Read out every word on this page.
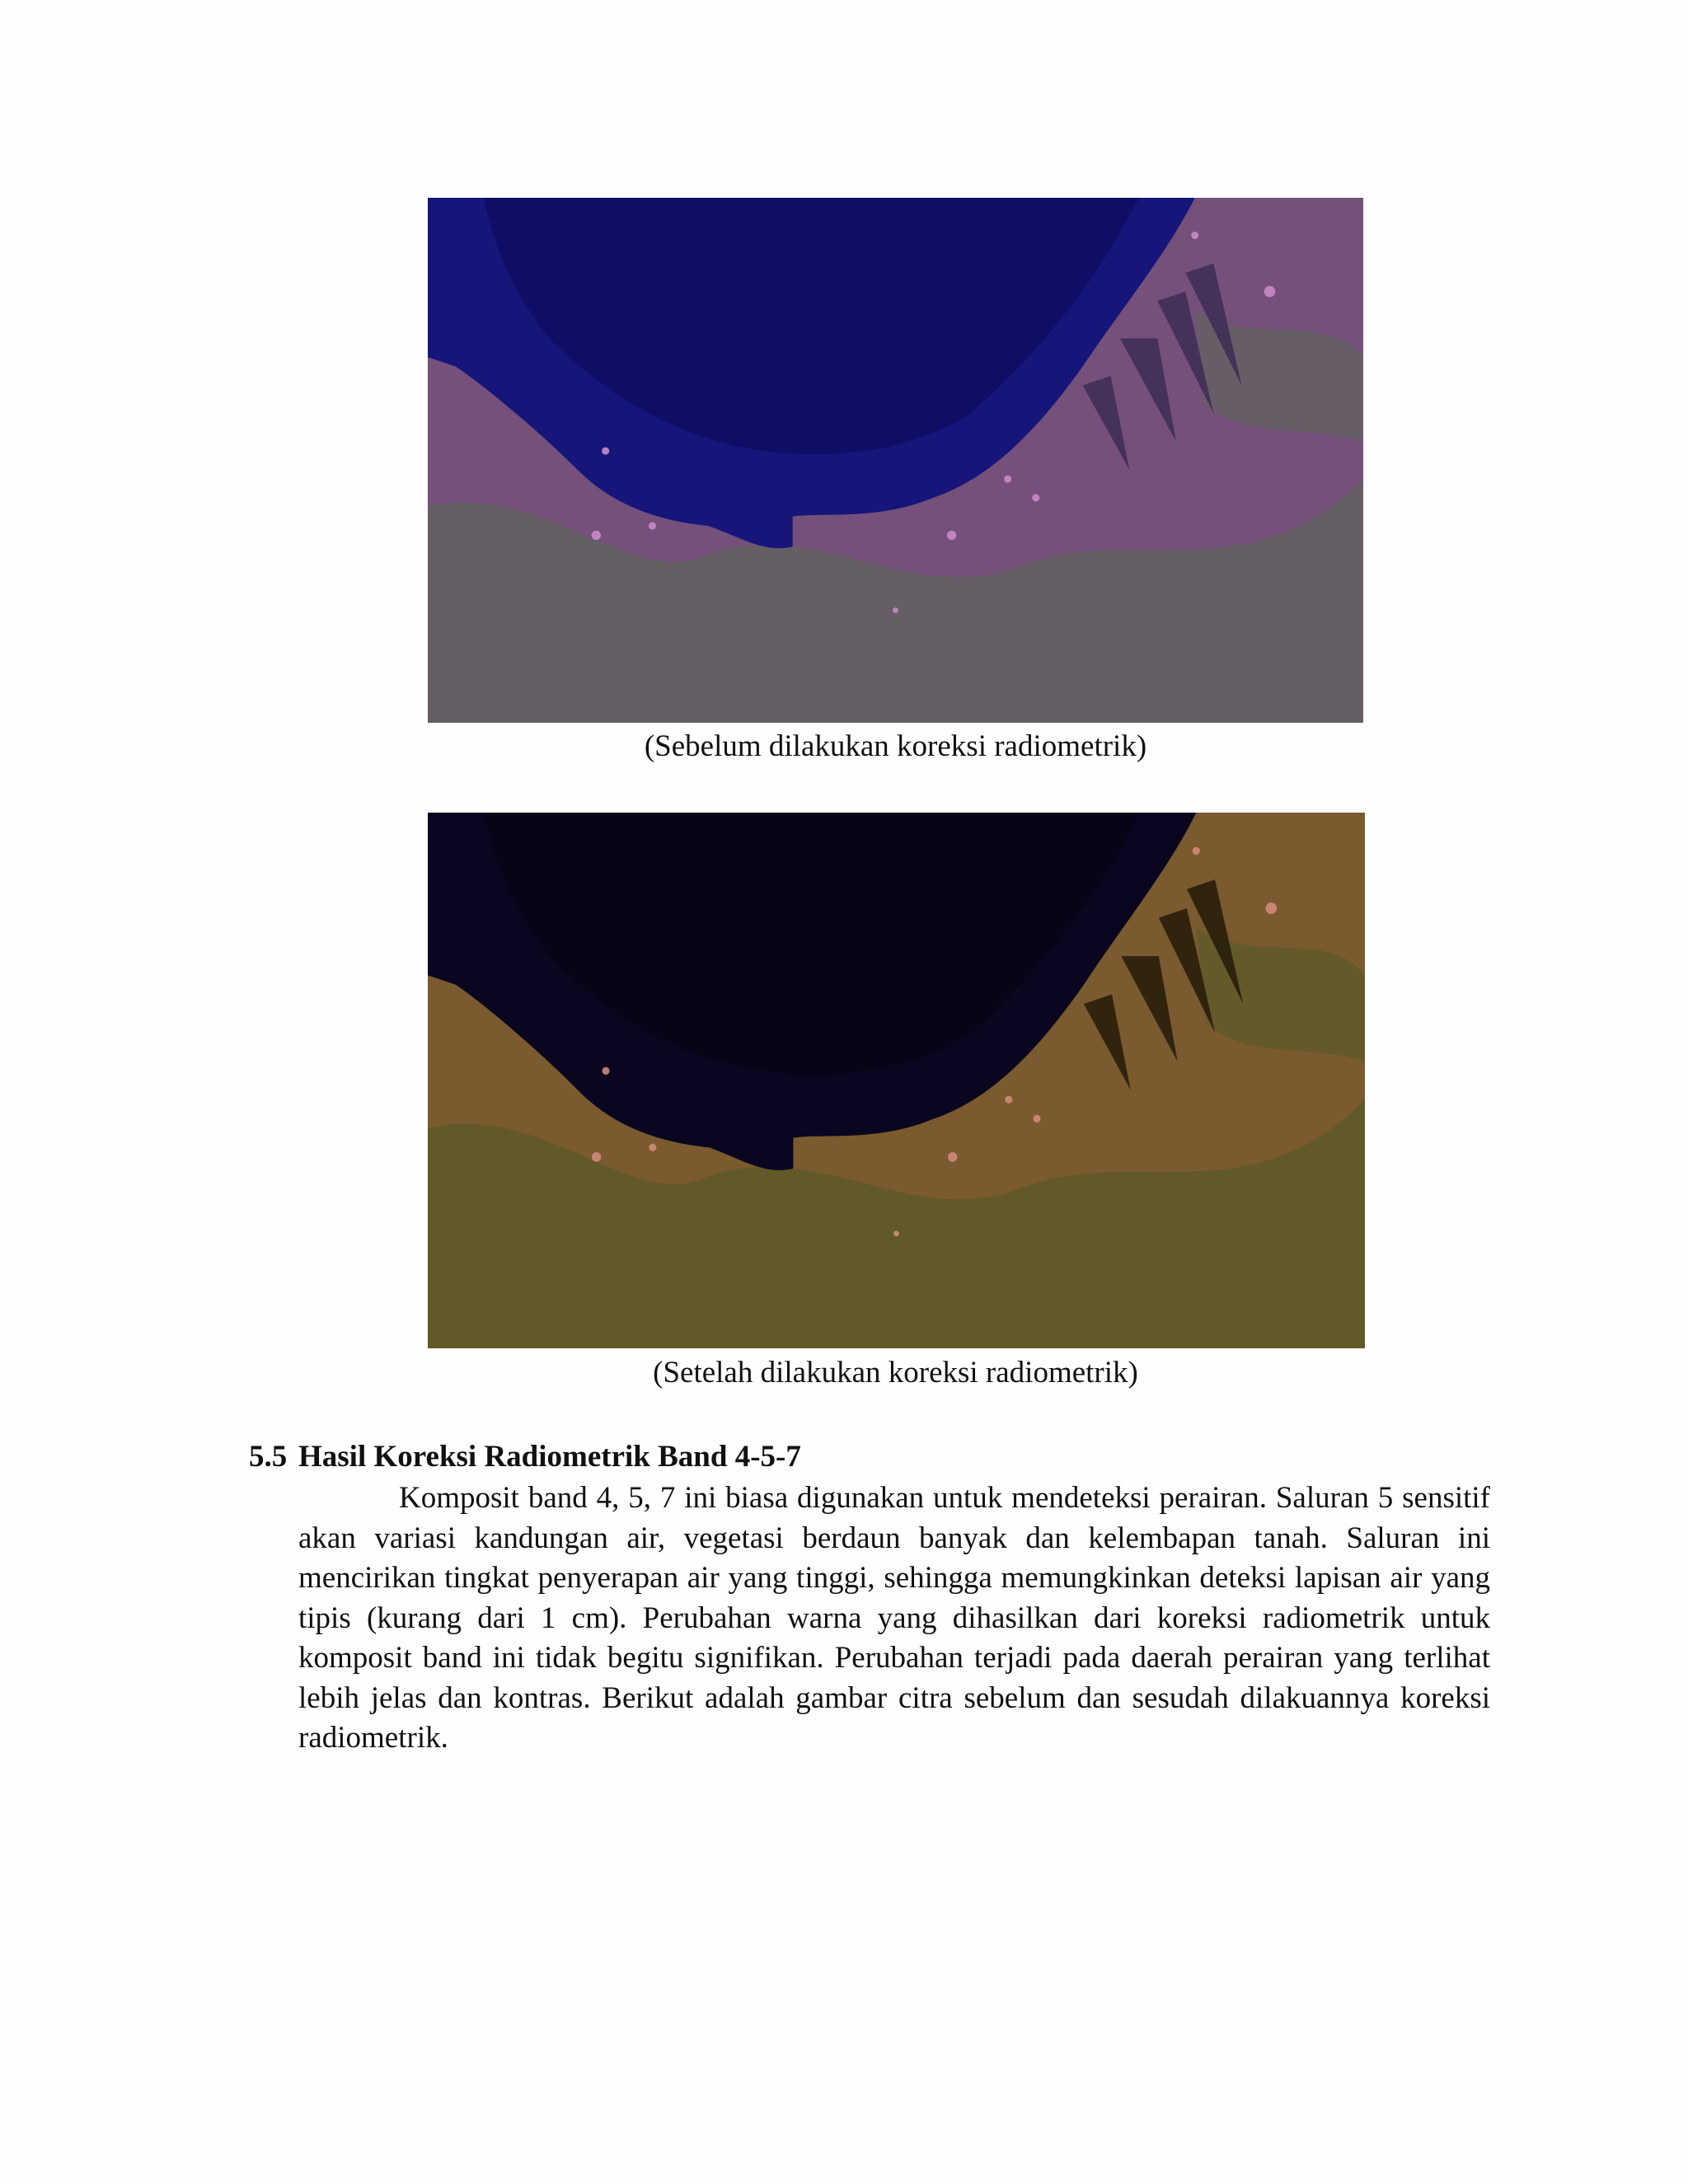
(Sebelum dilakukan koreksi radiometrik)
(Setelah dilakukan koreksi radiometrik)
5.5 Hasil Koreksi Radiometrik Band 4-5-7

Komposit band 4, 5, 7 ini biasa digunakan untuk mendeteksi perairan. Saluran 5 sensitif akan variasi kandungan air, vegetasi berdaun banyak dan kelembapan tanah. Saluran ini mencirikan tingkat penyerapan air yang tinggi, sehingga memungkinkan deteksi lapisan air yang tipis (kurang dari 1 cm). Perubahan warna yang dihasilkan dari koreksi radiometrik untuk komposit band ini tidak begitu signifikan. Perubahan terjadi pada daerah perairan yang terlihat lebih jelas dan kontras. Berikut adalah gambar citra sebelum dan sesudah dilakuannya koreksi radiometrik.
